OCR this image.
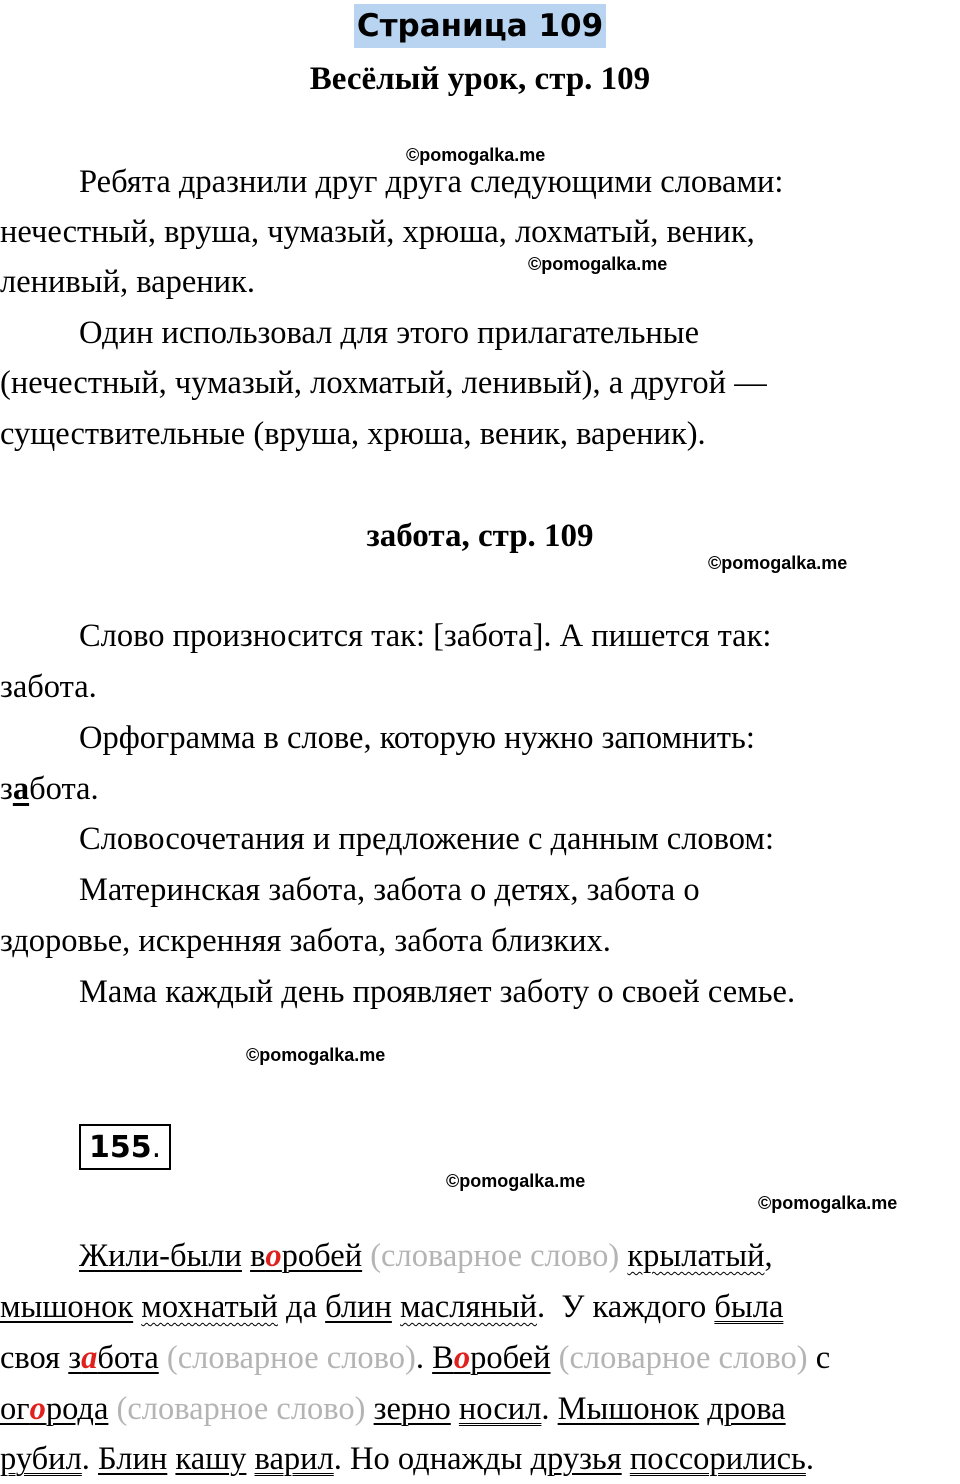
Страница 109
Весёлый урок, стр. 109
©pomogalka.me
Ребята дразнили друг друга следующими словами:
нечестный, вруша, чумазый, хрюша, лохматый, веник,
©pomogalka.me
ленивый, вареник.
Один использовал для этого прилагательные
(нечестный, чумазый, лохматый, ленивый), а другой —
существительные (вруша, хрюша, веник, вареник).
забота, стр. 109
©pomogalka.me
Слово произносится так: [забота]. А пишется так:
забота.
Орфограмма в слове, которую нужно запомнить:
забота.
Словосочетания и предложение с данным словом:
Материнская забота, забота о детях, забота о
здоровье, искренняя забота, забота близких.
Мама каждый день проявляет заботу о своей семье.
©pomogalka.me
155.
©pomogalka.me
©pomogalka.me
Жили-были воробей (словарное слово) крылатый,
мышонок мохнатый да блин масляный. У каждого была
своя забота (словарное слово). Воробей (словарное слово) с
огорода (словарное слово) зерно носил. Мышонок дрова
рубил. Блин кашу варил. Но однажды друзья поссорились.
